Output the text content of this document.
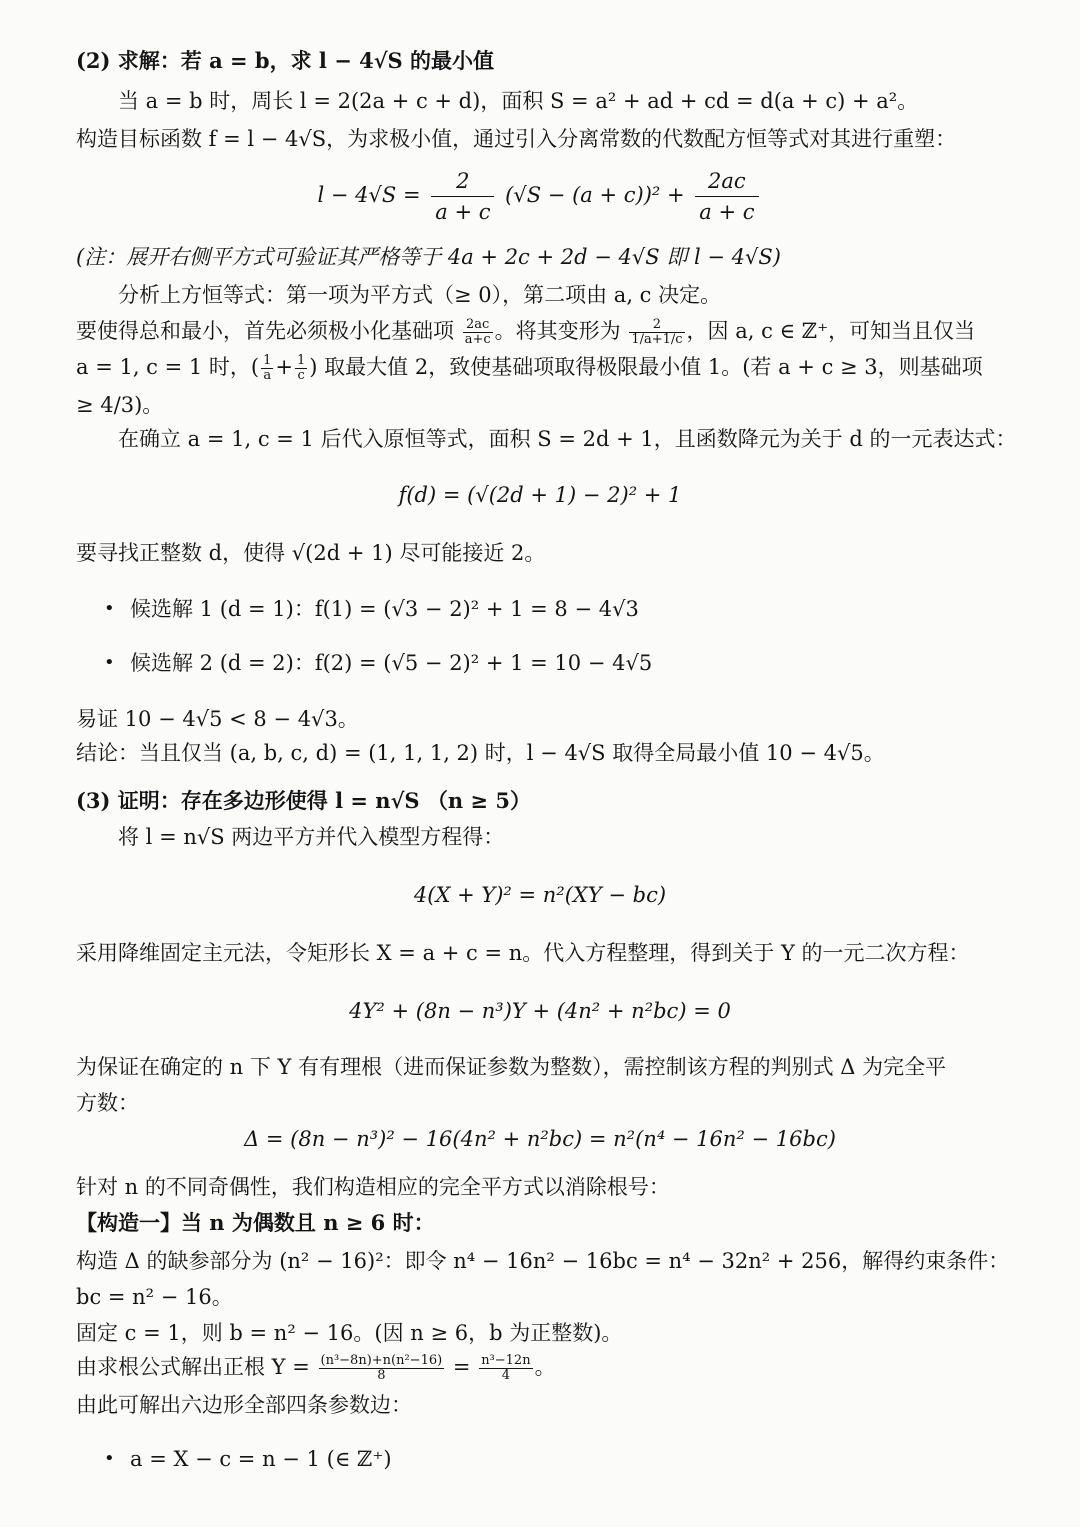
(2) 求解：若 a = b，求 l − 4√S 的最小值
当 a = b 时，周长 l = 2(2a + c + d)，面积 S = a² + ad + cd = d(a + c) + a²。
构造目标函数 f = l − 4√S，为求极小值，通过引入分离常数的代数配方恒等式对其进行重塑：
$l - 4√S = \frac{2}{a + c} (√S - (a + c))^2 + \frac{2ac}{a + c}$
(注：展开右侧平方式可验证其严格等于 4a + 2c + 2d − 4√S 即 l − 4√S)
分析上方恒等式：第一项为平方式（≥ 0），第二项由 a, c 决定。
要使得总和最小，首先必须极小化基础项 $\frac{2ac}{a+c}$ 。将其变形为 $\frac{2}{1/a+1/c}$ ，因 a, c ∈ ℤ⁺，可知当且仅当
a = 1, c = 1 时，( $\frac{1}{a} + \frac{1}{c}$ ) 取最大值 2，致使基础项取得极限最小值 1。(若 a + c ≥ 3，则基础项
≥ 4/3)。
在确立 a = 1, c = 1 后代入原恒等式，面积 S = 2d + 1，且函数降元为关于 d 的一元表达式：
f(d) = (√(2d + 1) − 2)² + 1
要寻找正整数 d，使得 √(2d + 1) 尽可能接近 2。
• 候选解 1 (d = 1)：f(1) = (√3 − 2)² + 1 = 8 − 4√3
• 候选解 2 (d = 2)：f(2) = (√5 − 2)² + 1 = 10 − 4√5
易证 10 − 4√5 < 8 − 4√3。
结论：当且仅当 (a, b, c, d) = (1, 1, 1, 2) 时，l − 4√S 取得全局最小值 10 − 4√5。
(3) 证明：存在多边形使得 l = n√S （n ≥ 5）
将 l = n√S 两边平方并代入模型方程得：
4(X + Y)² = n²(XY − bc)
采用降维固定主元法，令矩形长 X = a + c = n。代入方程整理，得到关于 Y 的一元二次方程：
4Y² + (8n − n³)Y + (4n² + n²bc) = 0
为保证在确定的 n 下 Y 有有理根（进而保证参数为整数），需控制该方程的判别式 Δ 为完全平
方数：
Δ = (8n − n³)² − 16(4n² + n²bc) = n²(n⁴ − 16n² − 16bc)
针对 n 的不同奇偶性，我们构造相应的完全平方式以消除根号：
【构造一】当 n 为偶数且 n ≥ 6 时：
构造 Δ 的缺参部分为 (n² − 16)²：即令 n⁴ − 16n² − 16bc = n⁴ − 32n² + 256，解得约束条件：
bc = n² − 16。
固定 c = 1，则 b = n² − 16。(因 n ≥ 6，b 为正整数)。
由求根公式解出正根 $Y = \frac{\text{(n³−8n)+n(n²−16)}}{8} = \frac{\text{n³−12n}}{4}$ 。
由此可解出六边形全部四条参数边：
• a = X − c = n − 1 (∈ ℤ⁺)
